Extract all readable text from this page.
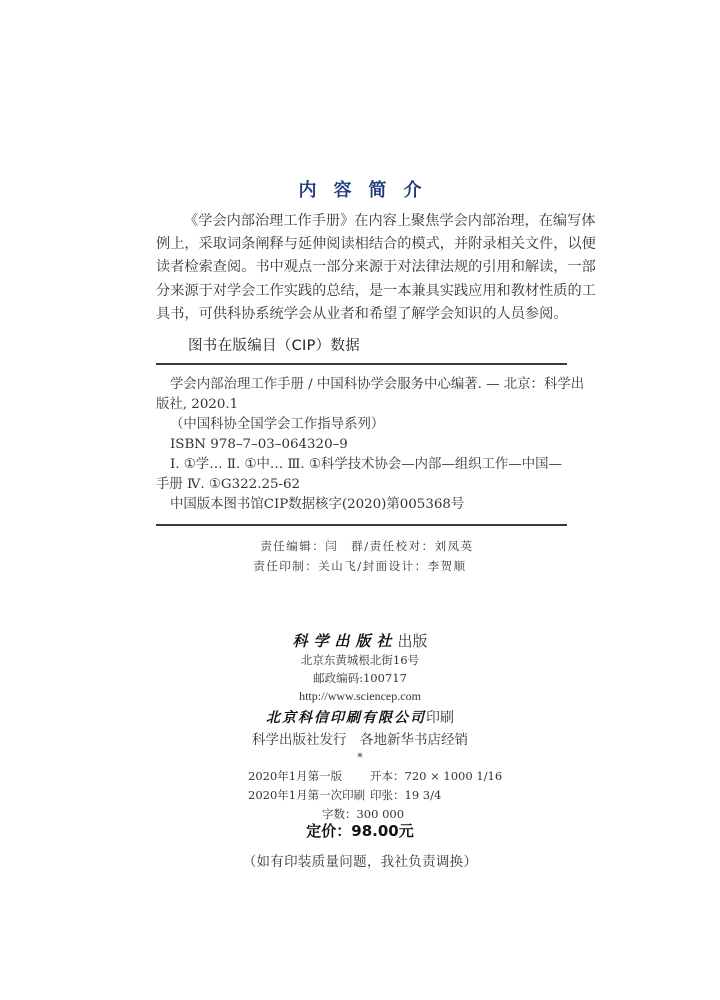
内容简介
《学会内部治理工作手册》在内容上聚焦学会内部治理，在编写体
例上，采取词条阐释与延伸阅读相结合的模式，并附录相关文件，以便
读者检索查阅。书中观点一部分来源于对法律法规的引用和解读，一部
分来源于对学会工作实践的总结，是一本兼具实践应用和教材性质的工
具书，可供科协系统学会从业者和希望了解学会知识的人员参阅。
图书在版编目（CIP）数据
学会内部治理工作手册 / 中国科协学会服务中心编著. — 北京：科学出
版社, 2020.1
（中国科协全国学会工作指导系列）
ISBN 978–7–03–064320–9
Ⅰ. ①学… Ⅱ. ①中… Ⅲ. ①科学技术协会—内部—组织工作—中国—
手册 Ⅳ. ①G322.25-62
中国版本图书馆CIP数据核字(2020)第005368号
责任编辑：闫　群/责任校对：刘凤英
责任印制：关山飞/封面设计：李贺顺
科学出版社出版
北京东黄城根北街16号
邮政编码:100717
http://www.sciencep.com
北京科信印刷有限公司印刷
科学出版社发行　各地新华书店经销
*
2020年1月第一版 开本：720 × 1000 1/16
2020年1月第一次印刷 印张：19 3/4
字数：300 000
定价：98.00元
（如有印装质量问题，我社负责调换）
